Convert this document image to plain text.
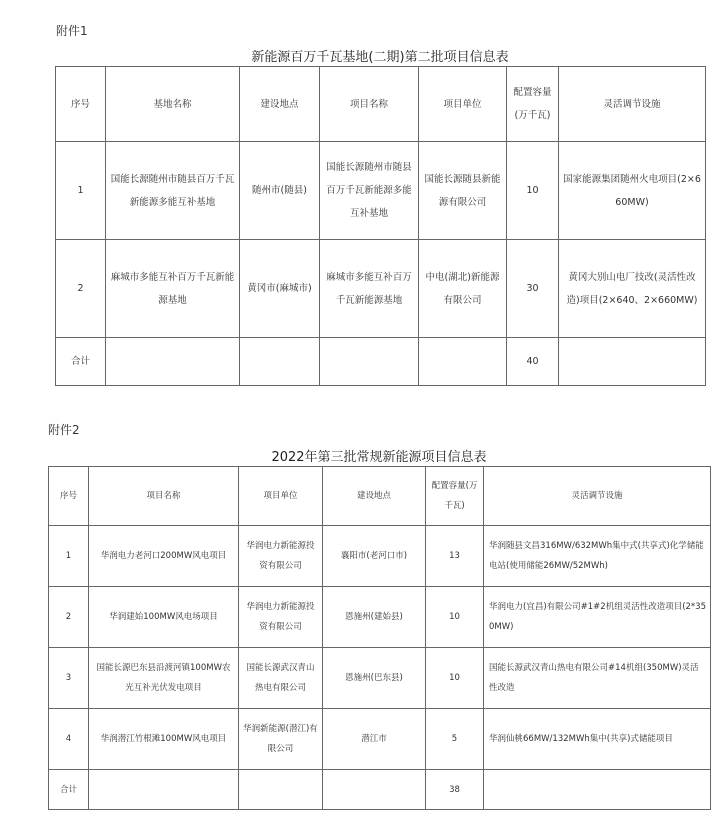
附件1
新能源百万千瓦基地(二期)第二批项目信息表
序号	基地名称	建设地点	项目名称	项目单位	配置容量(万千瓦)	灵活调节设施
1	国能长源随州市随县百万千瓦新能源多能互补基地	随州市(随县)	国能长源随州市随县百万千瓦新能源多能互补基地	国能长源随县新能源有限公司	10	国家能源集团随州火电项目(2×660MW)
2	麻城市多能互补百万千瓦新能源基地	黄冈市(麻城市)	麻城市多能互补百万千瓦新能源基地	中电(湖北)新能源有限公司	30	黄冈大别山电厂技改(灵活性改造)项目(2×640、2×660MW)
合计					40	
附件2
2022年第三批常规新能源项目信息表
序号	项目名称	项目单位	建设地点	配置容量(万千瓦)	灵活调节设施
1	华润电力老河口200MW风电项目	华润电力新能源投资有限公司	襄阳市(老河口市)	13	华润随县文昌316MW/632MWh集中式(共享式)化学储能电站(使用储能26MW/52MWh)
2	华润建始100MW风电场项目	华润电力新能源投资有限公司	恩施州(建始县)	10	华润电力(宜昌)有限公司#1#2机组灵活性改造项目(2*350MW)
3	国能长源巴东县沿渡河镇100MW农光互补光伏发电项目	国能长源武汉青山热电有限公司	恩施州(巴东县)	10	国能长源武汉青山热电有限公司#14机组(350MW)灵活性改造
4	华润潜江竹根滩100MW风电项目	华润新能源(潜江)有限公司	潜江市	5	华润仙桃66MW/132MWh集中(共享)式储能项目
合计				38	
